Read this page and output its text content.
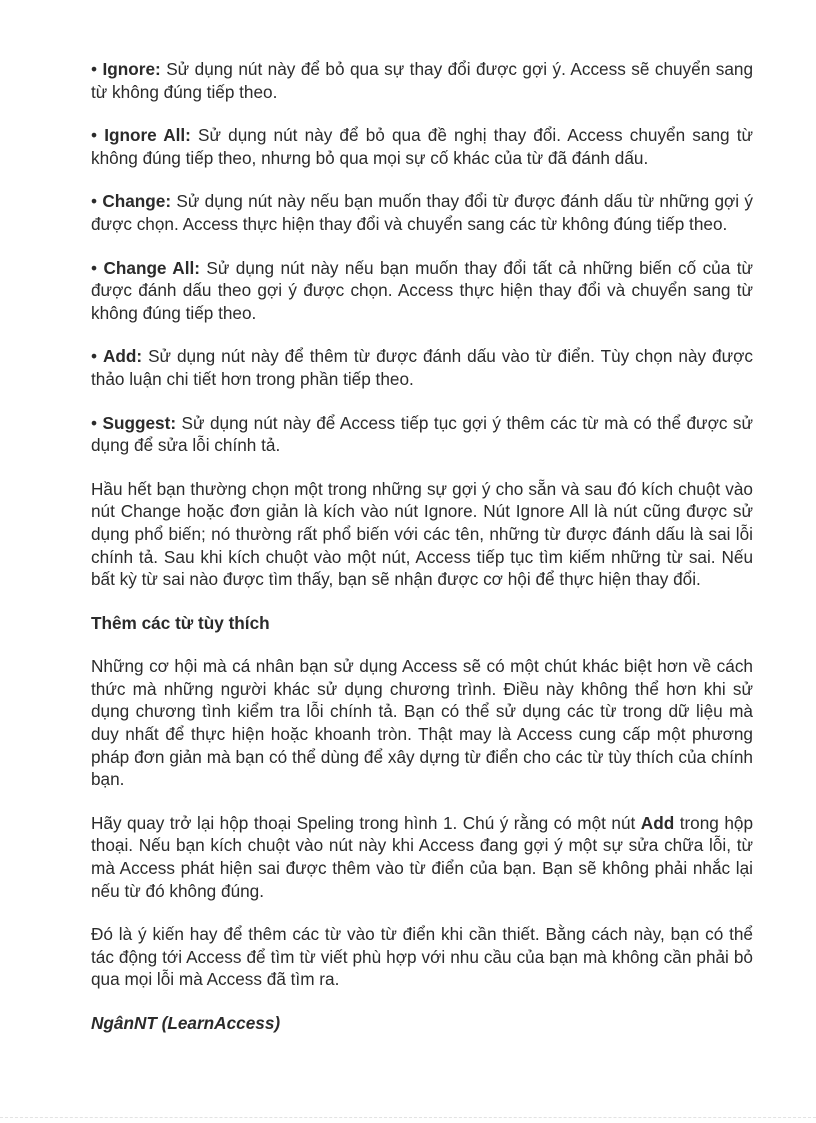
• Ignore: Sử dụng nút này để bỏ qua sự thay đổi được gợi ý. Access sẽ chuyển sang từ không đúng tiếp theo.

• Ignore All: Sử dụng nút này để bỏ qua đề nghị thay đổi. Access chuyển sang từ không đúng tiếp theo, nhưng bỏ qua mọi sự cố khác của từ đã đánh dấu.

• Change: Sử dụng nút này nếu bạn muốn thay đổi từ được đánh dấu từ những gợi ý được chọn. Access thực hiện thay đổi và chuyển sang các từ không đúng tiếp theo.

• Change All: Sử dụng nút này nếu bạn muốn thay đổi tất cả những biến cố của từ được đánh dấu theo gợi ý được chọn. Access thực hiện thay đổi và chuyển sang từ không đúng tiếp theo.

• Add: Sử dụng nút này để thêm từ được đánh dấu vào từ điển. Tùy chọn này được thảo luận chi tiết hơn trong phần tiếp theo.

• Suggest: Sử dụng nút này để Access tiếp tục gợi ý thêm các từ mà có thể được sử dụng để sửa lỗi chính tả.

Hầu hết bạn thường chọn một trong những sự gợi ý cho sẵn và sau đó kích chuột vào nút Change hoặc đơn giản là kích vào nút Ignore. Nút Ignore All là nút cũng được sử dụng phổ biến; nó thường rất phổ biến với các tên, những từ được đánh dấu là sai lỗi chính tả. Sau khi kích chuột vào một nút, Access tiếp tục tìm kiếm những từ sai. Nếu bất kỳ từ sai nào được tìm thấy, bạn sẽ nhận được cơ hội để thực hiện thay đổi.

Thêm các từ tùy thích

Những cơ hội mà cá nhân bạn sử dụng Access sẽ có một chút khác biệt hơn về cách thức mà những người khác sử dụng chương trình. Điều này không thể hơn khi sử dụng chương tình kiểm tra lỗi chính tả. Bạn có thể sử dụng các từ trong dữ liệu mà duy nhất để thực hiện hoặc khoanh tròn. Thật may là Access cung cấp một phương pháp đơn giản mà bạn có thể dùng để xây dựng từ điển cho các từ tùy thích của chính bạn.

Hãy quay trở lại hộp thoại Speling trong hình 1. Chú ý rằng có một nút Add trong hộp thoại. Nếu bạn kích chuột vào nút này khi Access đang gợi ý một sự sửa chữa lỗi, từ mà Access phát hiện sai được thêm vào từ điển của bạn. Bạn sẽ không phải nhắc lại nếu từ đó không đúng.

Đó là ý kiến hay để thêm các từ vào từ điển khi cần thiết. Bằng cách này, bạn có thể tác động tới Access để tìm từ viết phù hợp với nhu cầu của bạn mà không cần phải bỏ qua mọi lỗi mà Access đã tìm ra.

NgânNT (LearnAccess)
